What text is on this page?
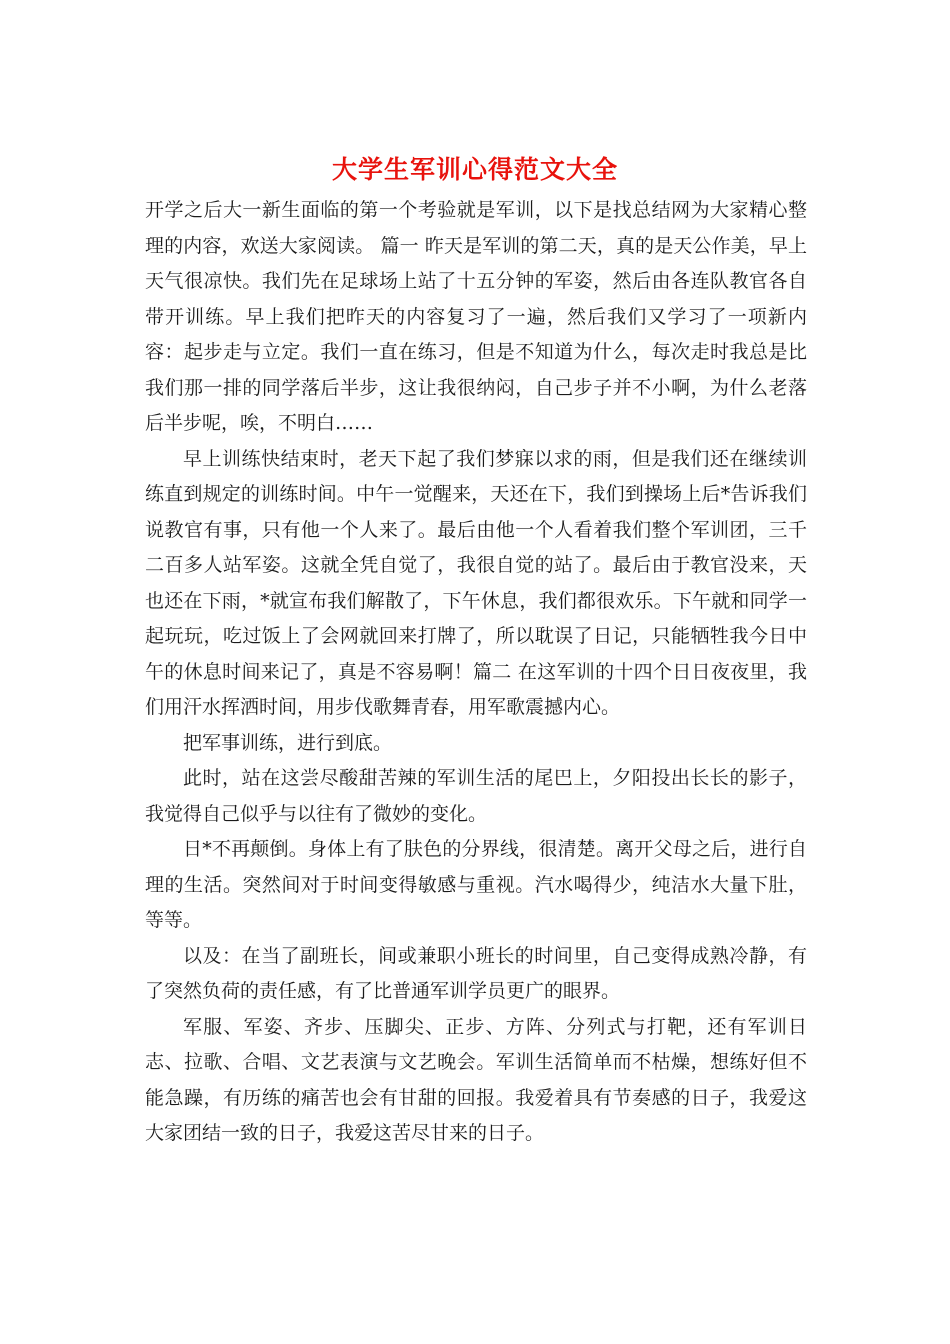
大学生军训心得范文大全

开学之后大一新生面临的第一个考验就是军训，以下是找总结网为大家精心整理的内容，欢送大家阅读。 篇一 昨天是军训的第二天，真的是天公作美，早上天气很凉快。我们先在足球场上站了十五分钟的军姿，然后由各连队教官各自带开训练。早上我们把昨天的内容复习了一遍，然后我们又学习了一项新内容：起步走与立定。我们一直在练习，但是不知道为什么，每次走时我总是比我们那一排的同学落后半步，这让我很纳闷，自己步子并不小啊，为什么老落后半步呢，唉，不明白……

早上训练快结束时，老天下起了我们梦寐以求的雨，但是我们还在继续训练直到规定的训练时间。中午一觉醒来，天还在下，我们到操场上后*告诉我们说教官有事，只有他一个人来了。最后由他一个人看着我们整个军训团，三千二百多人站军姿。这就全凭自觉了，我很自觉的站了。最后由于教官没来，天也还在下雨，*就宣布我们解散了，下午休息，我们都很欢乐。下午就和同学一起玩玩，吃过饭上了会网就回来打牌了，所以耽误了日记，只能牺牲我今日中午的休息时间来记了，真是不容易啊！篇二 在这军训的十四个日日夜夜里，我们用汗水挥洒时间，用步伐歌舞青春，用军歌震撼内心。

把军事训练，进行到底。

此时，站在这尝尽酸甜苦辣的军训生活的尾巴上，夕阳投出长长的影子，我觉得自己似乎与以往有了微妙的变化。

日*不再颠倒。身体上有了肤色的分界线，很清楚。离开父母之后，进行自理的生活。突然间对于时间变得敏感与重视。汽水喝得少，纯洁水大量下肚，等等。

以及：在当了副班长，间或兼职小班长的时间里，自己变得成熟冷静，有了突然负荷的责任感，有了比普通军训学员更广的眼界。

军服、军姿、齐步、压脚尖、正步、方阵、分列式与打靶，还有军训日志、拉歌、合唱、文艺表演与文艺晚会。军训生活简单而不枯燥，想练好但不能急躁，有历练的痛苦也会有甘甜的回报。我爱着具有节奏感的日子，我爱这大家团结一致的日子，我爱这苦尽甘来的日子。
